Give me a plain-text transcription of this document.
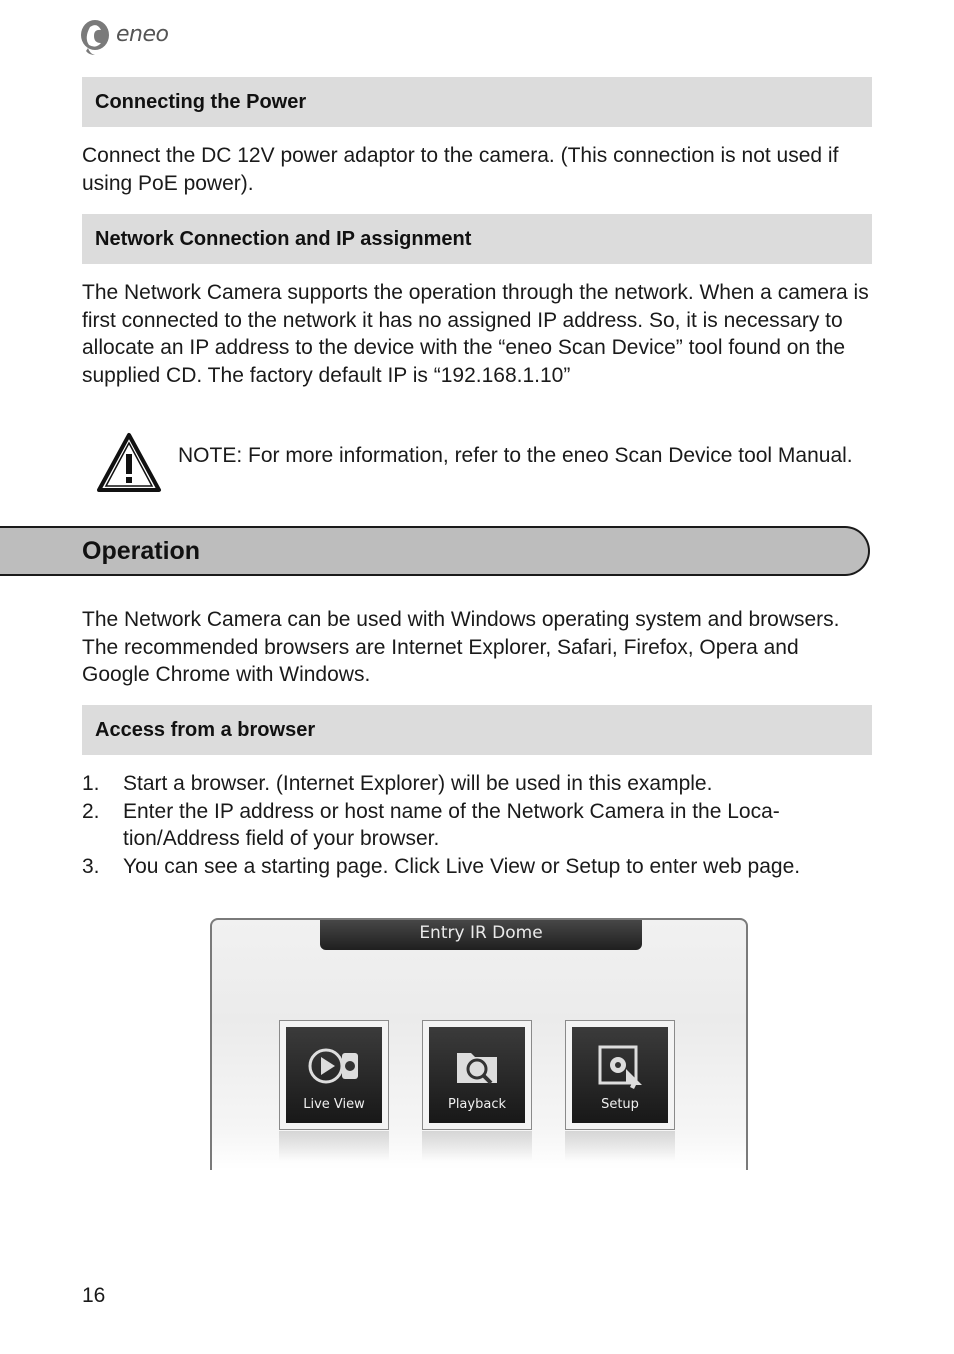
eneo
Connecting the Power

Connect the DC 12V power adaptor to the camera. (This connection is not used if using PoE power).

Network Connection and IP assignment

The Network Camera supports the operation through the network. When a camera is first connected to the network it has no assigned IP address. So, it is necessary to allocate an IP address to the device with the “eneo Scan Device” tool found on the supplied CD. The factory default IP is “192.168.1.10”

NOTE: For more information, refer to the eneo Scan Device tool Manual.
Operation

The Network Camera can be used with Windows operating system and browsers. The recommended browsers are Internet Explorer, Safari, Firefox, Opera and Google Chrome with Windows.

Access from a browser
1. Start a browser. (Internet Explorer) will be used in this example.
2. Enter the IP address or host name of the Network Camera in the Loca-tion/Address field of your browser.
3. You can see a starting page. Click Live View or Setup to enter web page.
Entry IR Dome
Live View	Playback	Setup
16
